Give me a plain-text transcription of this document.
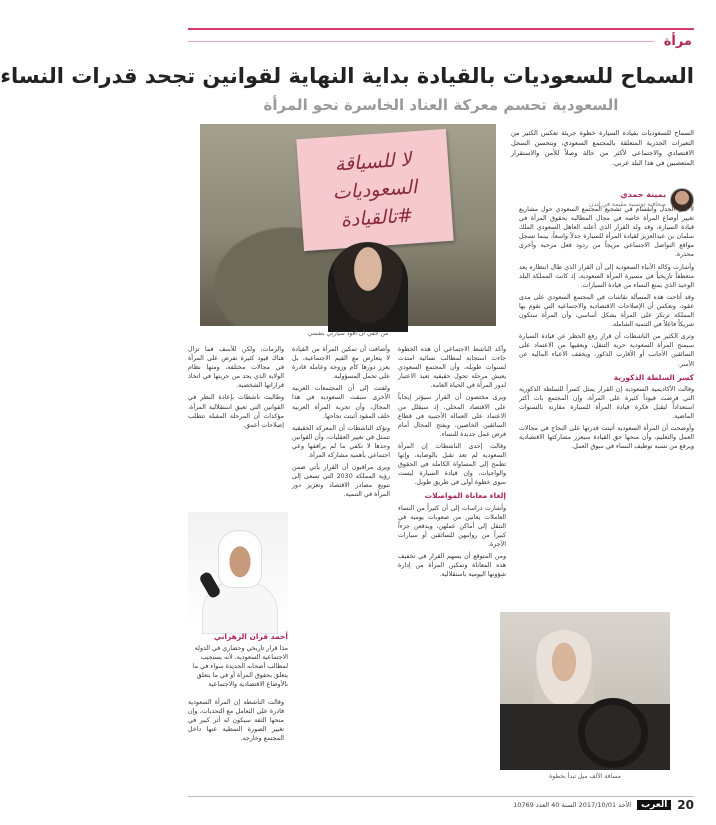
مرأة
السماح للسعوديات بالقيادة بداية النهاية لقوانين تجحد قدرات النساء
السعودية تحسم معركة العناد الخاسرة نحو المرأة
السماح للسعوديات بقيادة السيارة خطوة جريئة تعكس الكثير من التغيرات الجذرية المتعلقة بالمجتمع السعودي، وبتحسن السجل الاقتصادي والاجتماعي لأكثر من حالة وصلاً للأمن والاستقرار المتعصبين في هذا البلد عربي.
يمينة حمدي
صحافية تونسية مقيمة في لندن
لا للسياقة
السعوديات
#تالقيادة
من حقي أن أقود سيارتي بنفسي

لا كان الجدل وانقسام في تشجيع المجتمع السعودي حول مشاريع تغيير أوضاع المرأة خاصة في مجال المطالبة بحقوق المرأة في قيادة السيارة، وقد ولد القرار الذي أعلنه العاهل السعودي الملك سلمان بن عبدالعزيز لقيادة المرأة للسيارة جدلاً واسعاً، بينما تسجل مواقع التواصل الاجتماعي مزيجاً من ردود فعل مرحبة وأخرى محذرة.

وأشارت وكالة الأنباء السعودية إلى أن القرار الذي طال انتظاره يعد منعطفاً تاريخياً في مسيرة المرأة السعودية، إذ كانت المملكة البلد الوحيد الذي يمنع النساء من قيادة السيارات.

وقد أتاحت هذه المسألة نقاشات في المجتمع السعودي على مدى عقود، وتعكس أن الإصلاحات الاقتصادية والاجتماعية التي تقوم بها المملكة ترتكز على المرأة بشكل أساسي، وأن المرأة ستكون شريكاً فاعلاً في التنمية الشاملة.

وترى الكثير من الناشطات أن قرار رفع الحظر عن قيادة السيارة سيمنح المرأة السعودية حرية التنقل، ويعفيها من الاعتماد على السائقين الأجانب أو الأقارب الذكور، ويخفف الأعباء المالية عن الأسر.

كسر السلطة الذكورية

وقالت الأكاديمية السعودية إن القرار يمثل كسراً للسلطة الذكورية التي فرضت قيوداً كثيرة على المرأة، وإن المجتمع بات أكثر استعداداً لتقبل فكرة قيادة المرأة للسيارة مقارنة بالسنوات الماضية.

وأوضحت أن المرأة السعودية أثبتت قدرتها على النجاح في مجالات العمل والتعليم، وأن منحها حق القيادة سيعزز مشاركتها الاقتصادية ويرفع من نسبة توظيف النساء في سوق العمل.

وأكد الناشط الاجتماعي أن هذه الخطوة جاءت استجابة لمطالب نسائية امتدت لسنوات طويلة، وأن المجتمع السعودي يعيش مرحلة تحول حقيقية تعيد الاعتبار لدور المرأة في الحياة العامة.

ويرى مختصون أن القرار سيؤثر إيجاباً على الاقتصاد المحلي، إذ سيقلل من الاعتماد على العمالة الأجنبية في قطاع السائقين الخاصين، ويفتح المجال أمام فرص عمل جديدة للنساء.

وقالت إحدى الناشطات إن المرأة السعودية لم تعد تقبل بالوصاية، وإنها تطمح إلى المساواة الكاملة في الحقوق والواجبات، وإن قيادة السيارة ليست سوى خطوة أولى في طريق طويل.

إلغاء معاناة المواصلات

وأشارت دراسات إلى أن كثيراً من النساء العاملات يعانين من صعوبات يومية في التنقل إلى أماكن عملهن، ويدفعن جزءاً كبيراً من رواتبهن للسائقين أو سيارات الأجرة.

ومن المتوقع أن يسهم القرار في تخفيف هذه المعاناة وتمكين المرأة من إدارة شؤونها اليومية باستقلالية.

وأضافت أن تمكين المرأة من القيادة لا يتعارض مع القيم الاجتماعية، بل يعزز دورها كأم وزوجة وعاملة قادرة على تحمل المسؤولية.

ولفتت إلى أن المجتمعات العربية الأخرى سبقت السعودية في هذا المجال، وأن تجربة المرأة العربية خلف المقود أثبتت نجاحها.

وتؤكد الناشطات أن المعركة الحقيقية تتمثل في تغيير العقليات، وأن القوانين وحدها لا تكفي ما لم يرافقها وعي اجتماعي بأهمية مشاركة المرأة.

ويرى مراقبون أن القرار يأتي ضمن رؤية المملكة 2030 التي تسعى إلى تنويع مصادر الاقتصاد وتعزيز دور المرأة في التنمية.

والزمات، ولكن للأسف فما تزال هناك قيود كثيرة تفرض على المرأة في مجالات مختلفة، ومنها نظام الولاية الذي يحد من حريتها في اتخاذ قراراتها الشخصية.

وطالبت ناشطات بإعادة النظر في القوانين التي تعيق استقلالية المرأة، مؤكدات أن المرحلة المقبلة تتطلب إصلاحات أعمق.

أحمد قران الزهراني
مذا قرار تاريخي وحضاري في الدولة الاجتماعية السعودية، لأنه يستجيب لمطالب أصحابه الجديدة سواء في ما يتعلق بحقوق المرأة أو في ما يتعلق بالأوضاع الاقتصادية والاجتماعية

وقالت الناشطة إن المرأة السعودية قادرة على التعامل مع التحديات، وإن منحها الثقة سيكون له أثر كبير في تغيير الصورة النمطية عنها داخل المجتمع وخارجه.

مسافة الألف ميل تبدأ بخطوة
20
العرب
الأحد 2017/10/01 السنة 40 العدد 10769
